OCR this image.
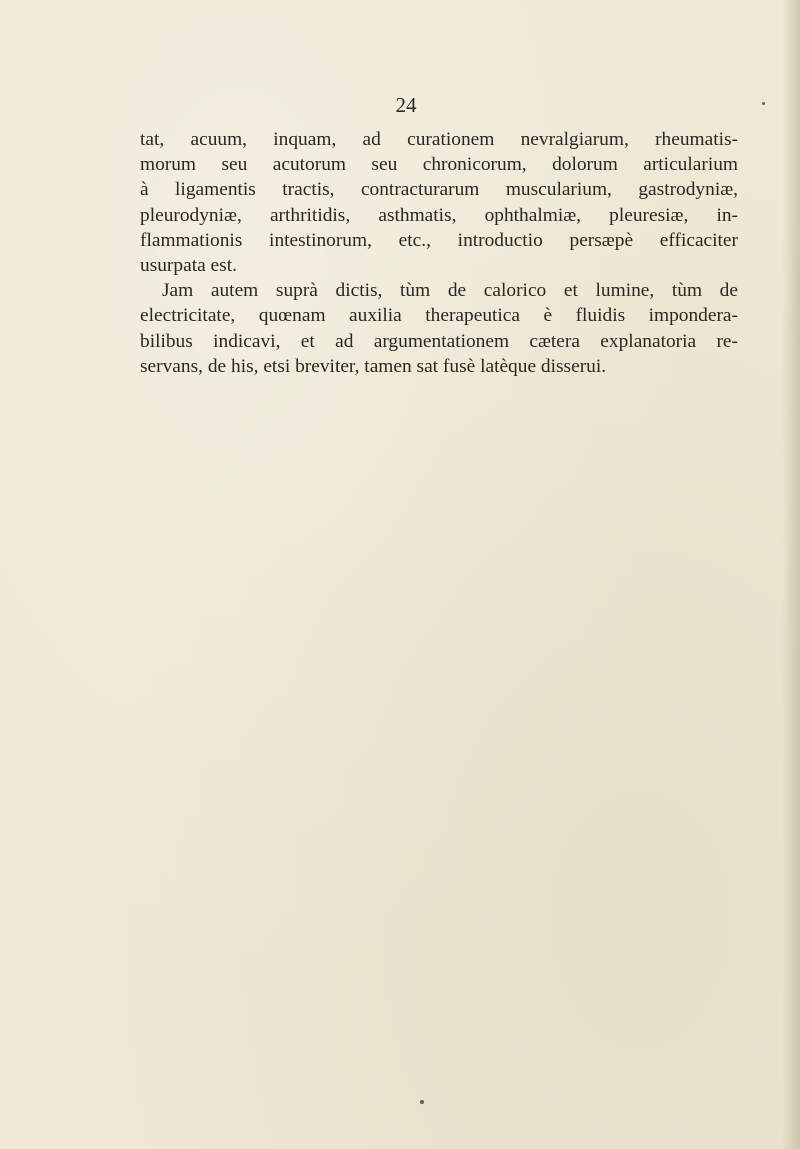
24
tat, acuum, inquam, ad curationem nevralgiarum, rheumatis-
morum seu acutorum seu chronicorum, dolorum articularium
à ligamentis tractis, contracturarum muscularium, gastrodyniæ,
pleurodyniæ, arthritidis, asthmatis, ophthalmiæ, pleuresiæ, in-
flammationis intestinorum, etc., introductio persæpè efficaciter
usurpata est.
Jam autem suprà dictis, tùm de calorico et lumine, tùm de
electricitate, quœnam auxilia therapeutica è fluidis impondera-
bilibus indicavi, et ad argumentationem cætera explanatoria re-
servans, de his, etsi breviter, tamen sat fusè latèque disserui.
